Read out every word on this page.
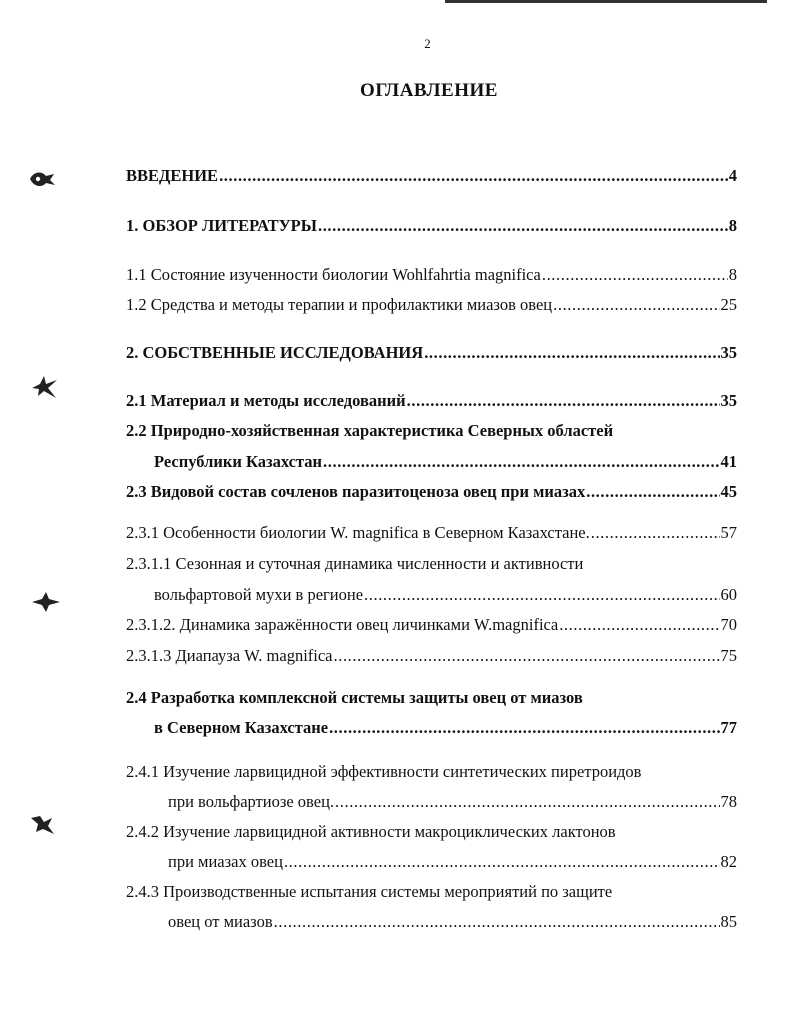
2
ОГЛАВЛЕНИЕ
ВВЕДЕНИЕ .....	4
1. ОБЗОР ЛИТЕРАТУРЫ .....	8
1.1 Состояние изученности биологии Wohlfahrtia magnifica .....	8
1.2 Средства и методы терапии и профилактики миазов овец .....	25
2. СОБСТВЕННЫЕ ИССЛЕДОВАНИЯ .....	35
2.1 Материал и методы исследований .....	35
2.2 Природно-хозяйственная характеристика Северных областей
Республики Казахстан .....	41
2.3 Видовой состав сочленов паразитоценоза овец при миазах .....	45
2.3.1 Особенности биологии W. magnifica в Северном Казахстане. .....	57
2.3.1.1 Сезонная и суточная динамика численности и активности
вольфартовой мухи в регионе .....	60
2.3.1.2. Динамика заражённости овец личинками W.magnifica .....	70
2.3.1.3 Диапауза W. magnifica .....	75
2.4 Разработка комплексной системы защиты овец от миазов
в Северном Казахстане .....	77
2.4.1 Изучение ларвицидной эффективности синтетических пиретроидов
при вольфартиозе овец. .....	78
2.4.2 Изучение ларвицидной активности макроциклических лактонов
при миазах овец .....	82
2.4.3 Производственные испытания системы мероприятий по защите
овец от миазов .....	85
